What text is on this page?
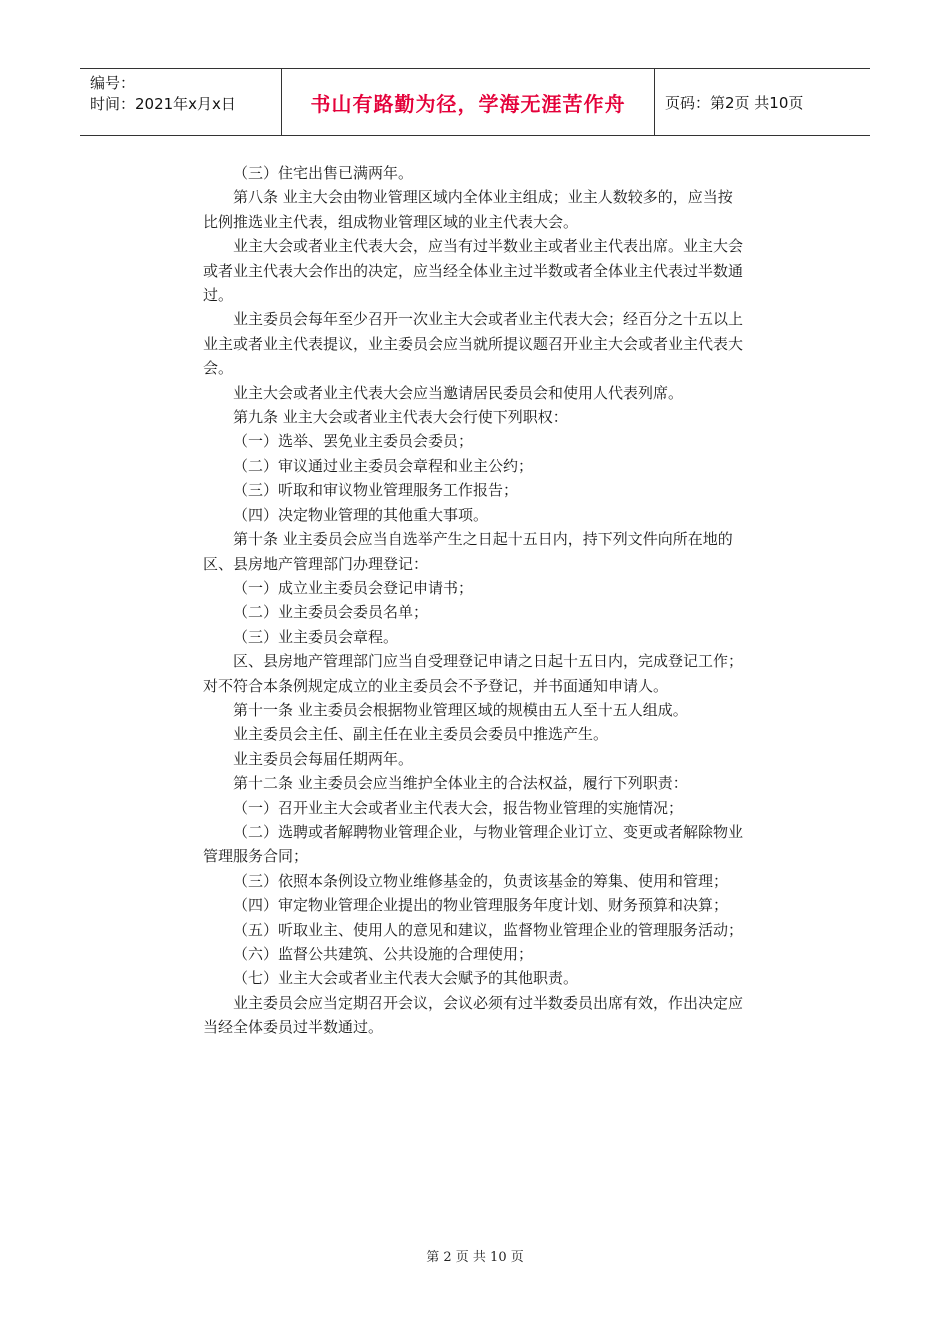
编号：
时间：2021年x月x日	书山有路勤为径，学海无涯苦作舟	页码：第2页 共10页

（三）住宅出售已满两年。

第八条 业主大会由物业管理区域内全体业主组成；业主人数较多的，应当按比例推选业主代表，组成物业管理区域的业主代表大会。

业主大会或者业主代表大会，应当有过半数业主或者业主代表出席。业主大会或者业主代表大会作出的决定，应当经全体业主过半数或者全体业主代表过半数通过。

业主委员会每年至少召开一次业主大会或者业主代表大会；经百分之十五以上业主或者业主代表提议，业主委员会应当就所提议题召开业主大会或者业主代表大会。

业主大会或者业主代表大会应当邀请居民委员会和使用人代表列席。

第九条 业主大会或者业主代表大会行使下列职权：

（一）选举、罢免业主委员会委员；

（二）审议通过业主委员会章程和业主公约；

（三）听取和审议物业管理服务工作报告；

（四）决定物业管理的其他重大事项。

第十条 业主委员会应当自选举产生之日起十五日内，持下列文件向所在地的区、县房地产管理部门办理登记：

（一）成立业主委员会登记申请书；

（二）业主委员会委员名单；

（三）业主委员会章程。

区、县房地产管理部门应当自受理登记申请之日起十五日内，完成登记工作；对不符合本条例规定成立的业主委员会不予登记，并书面通知申请人。

第十一条 业主委员会根据物业管理区域的规模由五人至十五人组成。

业主委员会主任、副主任在业主委员会委员中推选产生。

业主委员会每届任期两年。

第十二条 业主委员会应当维护全体业主的合法权益，履行下列职责：

（一）召开业主大会或者业主代表大会，报告物业管理的实施情况；

（二）选聘或者解聘物业管理企业，与物业管理企业订立、变更或者解除物业管理服务合同；

（三）依照本条例设立物业维修基金的，负责该基金的筹集、使用和管理；

（四）审定物业管理企业提出的物业管理服务年度计划、财务预算和决算；

（五）听取业主、使用人的意见和建议，监督物业管理企业的管理服务活动；

（六）监督公共建筑、公共设施的合理使用；

（七）业主大会或者业主代表大会赋予的其他职责。

业主委员会应当定期召开会议，会议必须有过半数委员出席有效，作出决定应当经全体委员过半数通过。

第 2 页 共 10 页
